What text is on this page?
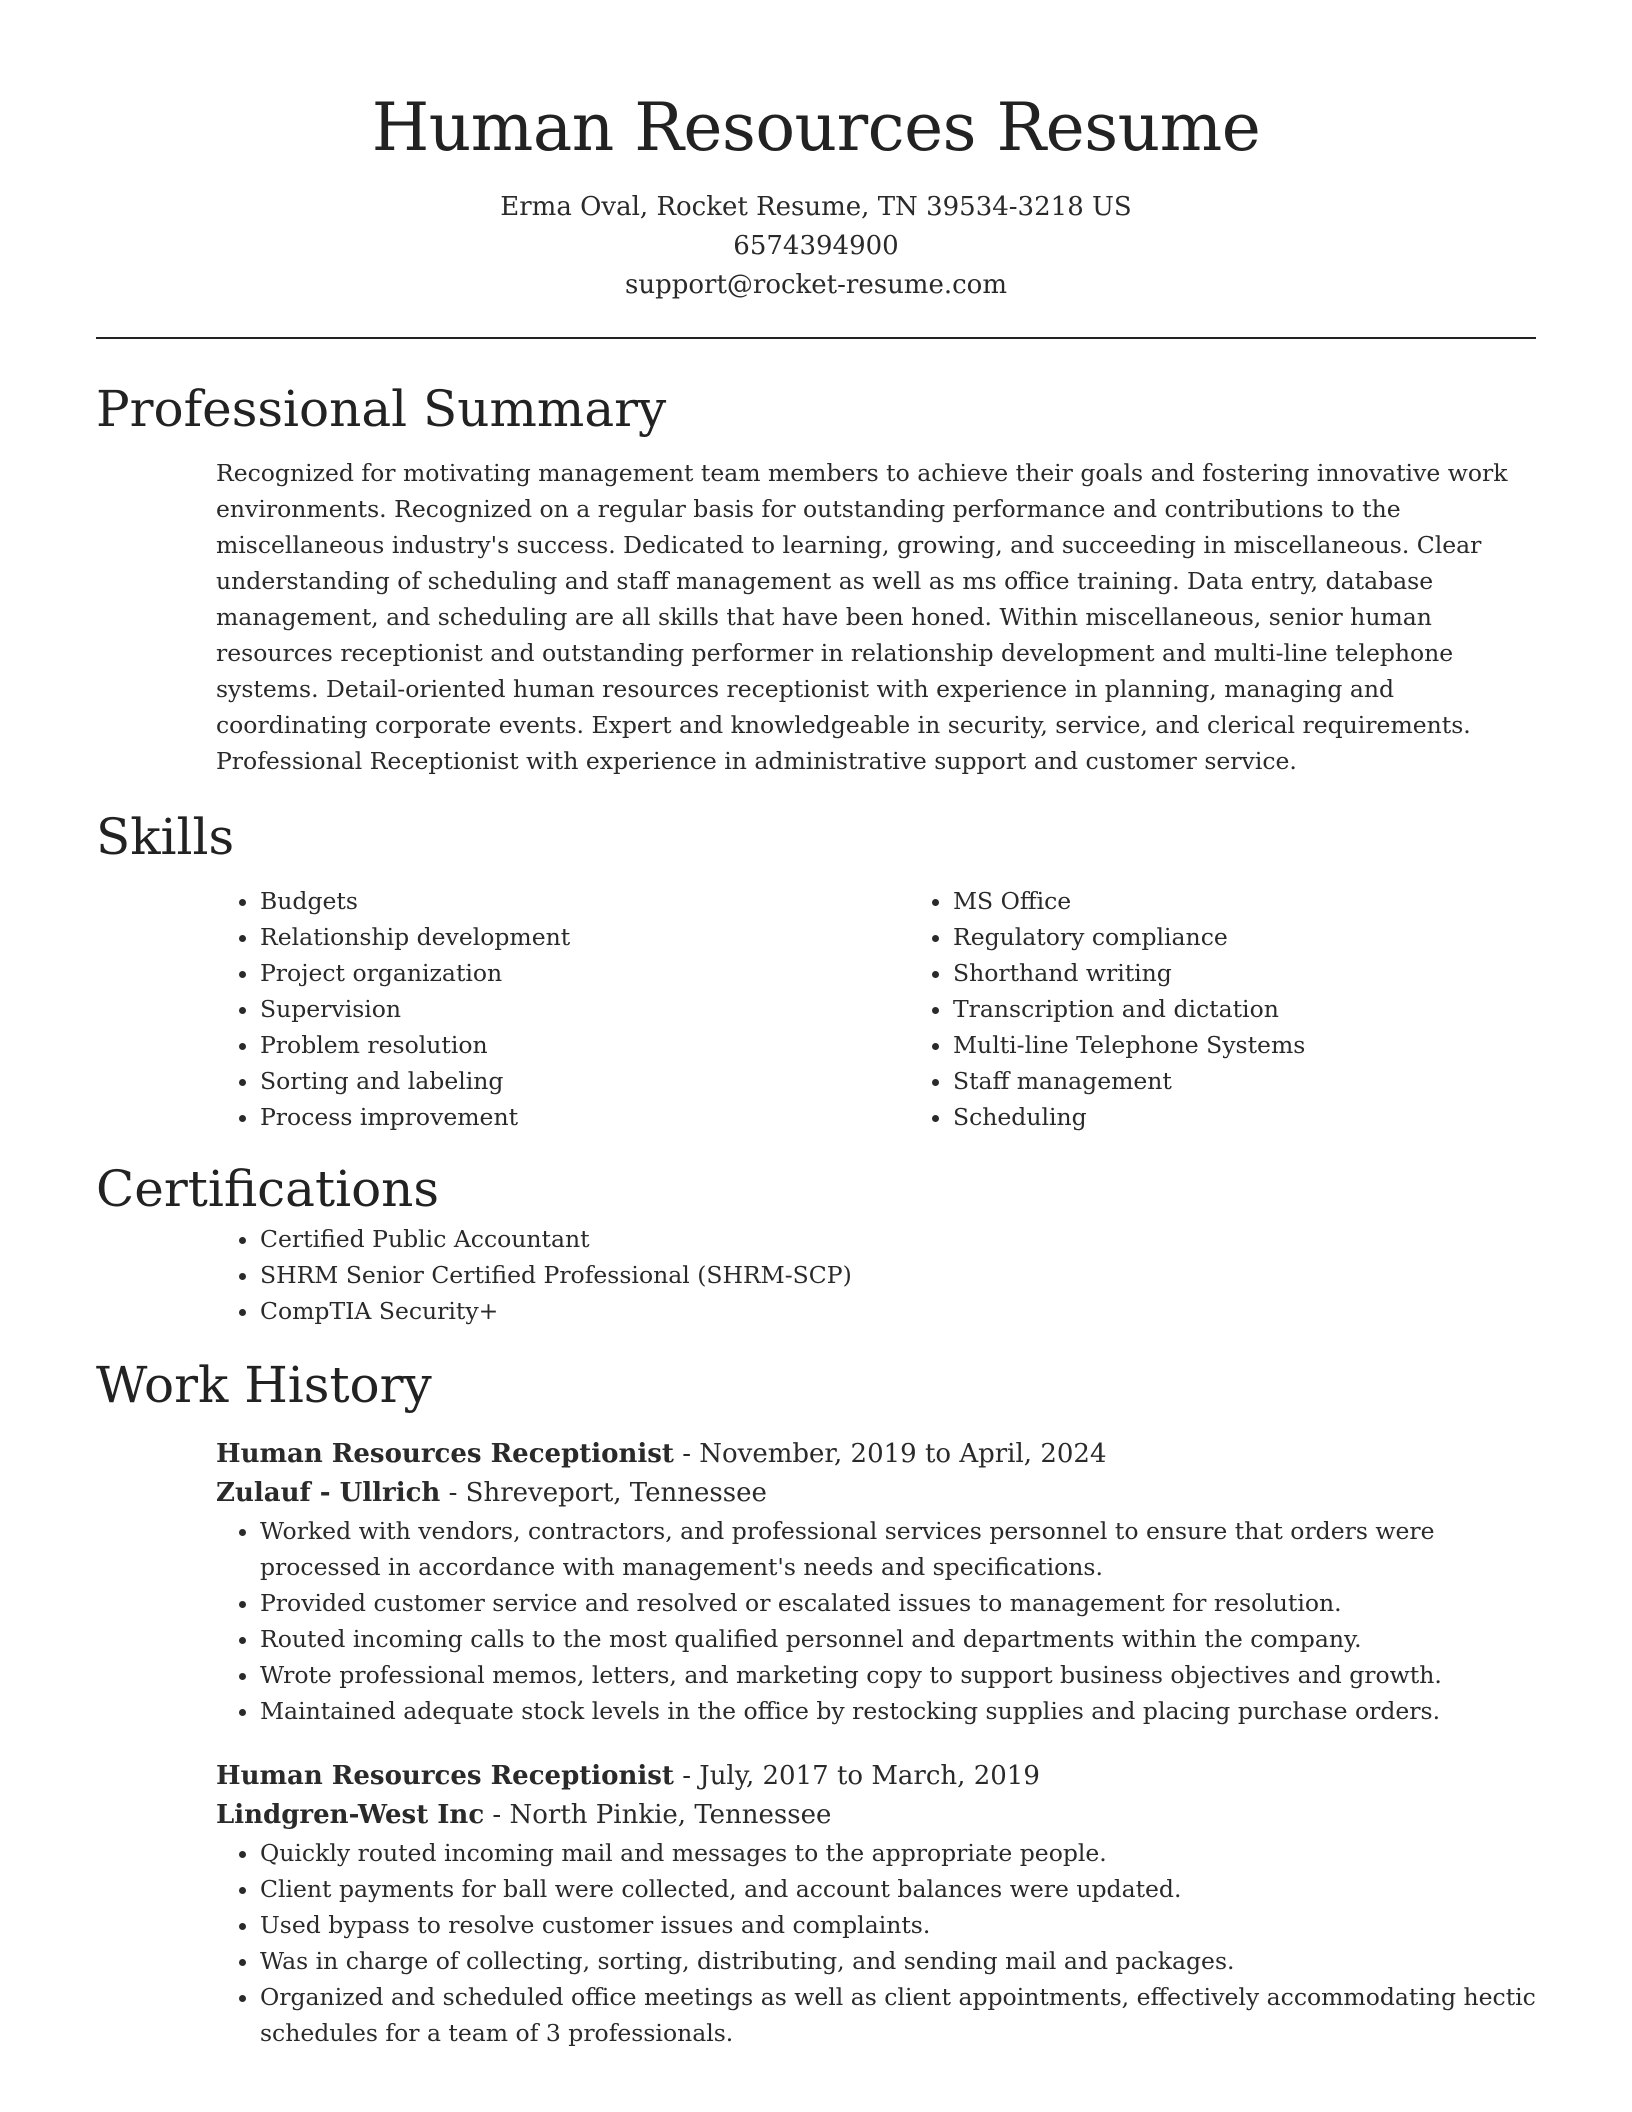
Human Resources Resume
Erma Oval, Rocket Resume, TN 39534-3218 US
6574394900
support@rocket-resume.com
Professional Summary

Recognized for motivating management team members to achieve their goals and fostering innovative work environments. Recognized on a regular basis for outstanding performance and contributions to the miscellaneous industry's success. Dedicated to learning, growing, and succeeding in miscellaneous. Clear understanding of scheduling and staff management as well as ms office training. Data entry, database management, and scheduling are all skills that have been honed. Within miscellaneous, senior human resources receptionist and outstanding performer in relationship development and multi-line telephone systems. Detail-oriented human resources receptionist with experience in planning, managing and coordinating corporate events. Expert and knowledgeable in security, service, and clerical requirements. Professional Receptionist with experience in administrative support and customer service.

Skills
• Budgets
• Relationship development
• Project organization
• Supervision
• Problem resolution
• Sorting and labeling
• Process improvement
• MS Office
• Regulatory compliance
• Shorthand writing
• Transcription and dictation
• Multi-line Telephone Systems
• Staff management
• Scheduling
Certifications
• Certified Public Accountant
• SHRM Senior Certified Professional (SHRM-SCP)
• CompTIA Security+
Work History
Human Resources Receptionist - November, 2019 to April, 2024
Zulauf - Ullrich - Shreveport, Tennessee
• Worked with vendors, contractors, and professional services personnel to ensure that orders were processed in accordance with management's needs and specifications.
• Provided customer service and resolved or escalated issues to management for resolution.
• Routed incoming calls to the most qualified personnel and departments within the company.
• Wrote professional memos, letters, and marketing copy to support business objectives and growth.
• Maintained adequate stock levels in the office by restocking supplies and placing purchase orders.
Human Resources Receptionist - July, 2017 to March, 2019
Lindgren-West Inc - North Pinkie, Tennessee
• Quickly routed incoming mail and messages to the appropriate people.
• Client payments for ball were collected, and account balances were updated.
• Used bypass to resolve customer issues and complaints.
• Was in charge of collecting, sorting, distributing, and sending mail and packages.
• Organized and scheduled office meetings as well as client appointments, effectively accommodating hectic schedules for a team of 3 professionals.
